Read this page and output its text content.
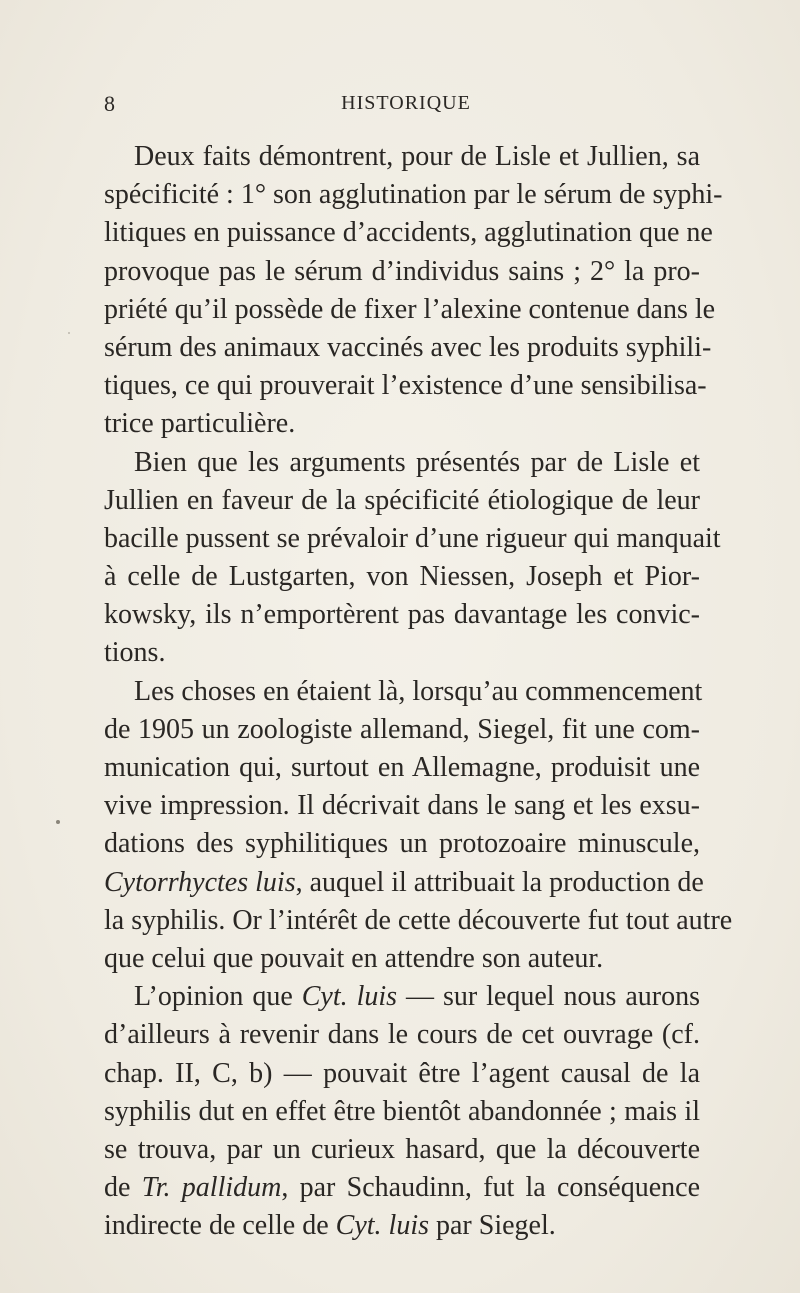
8	HISTORIQUE
Deux faits démontrent, pour de Lisle et Jullien, sa
spécificité : 1° son agglutination par le sérum de syphi-
litiques en puissance d’accidents, agglutination que ne
provoque pas le sérum d’individus sains ; 2° la pro-
priété qu’il possède de fixer l’alexine contenue dans le
sérum des animaux vaccinés avec les produits syphili-
tiques, ce qui prouverait l’existence d’une sensibilisa-
trice particulière.
Bien que les arguments présentés par de Lisle et
Jullien en faveur de la spécificité étiologique de leur
bacille pussent se prévaloir d’une rigueur qui manquait
à celle de Lustgarten, von Niessen, Joseph et Pior-
kowsky, ils n’emportèrent pas davantage les convic-
tions.
Les choses en étaient là, lorsqu’au commencement
de 1905 un zoologiste allemand, Siegel, fit une com-
munication qui, surtout en Allemagne, produisit une
vive impression. Il décrivait dans le sang et les exsu-
dations des syphilitiques un protozoaire minuscule,
Cytorrhyctes luis, auquel il attribuait la production de
la syphilis. Or l’intérêt de cette découverte fut tout autre
que celui que pouvait en attendre son auteur.
L’opinion que Cyt. luis — sur lequel nous aurons
d’ailleurs à revenir dans le cours de cet ouvrage (cf.
chap. II, C, b) — pouvait être l’agent causal de la
syphilis dut en effet être bientôt abandonnée ; mais il
se trouva, par un curieux hasard, que la découverte
de Tr. pallidum, par Schaudinn, fut la conséquence
indirecte de celle de Cyt. luis par Siegel.
